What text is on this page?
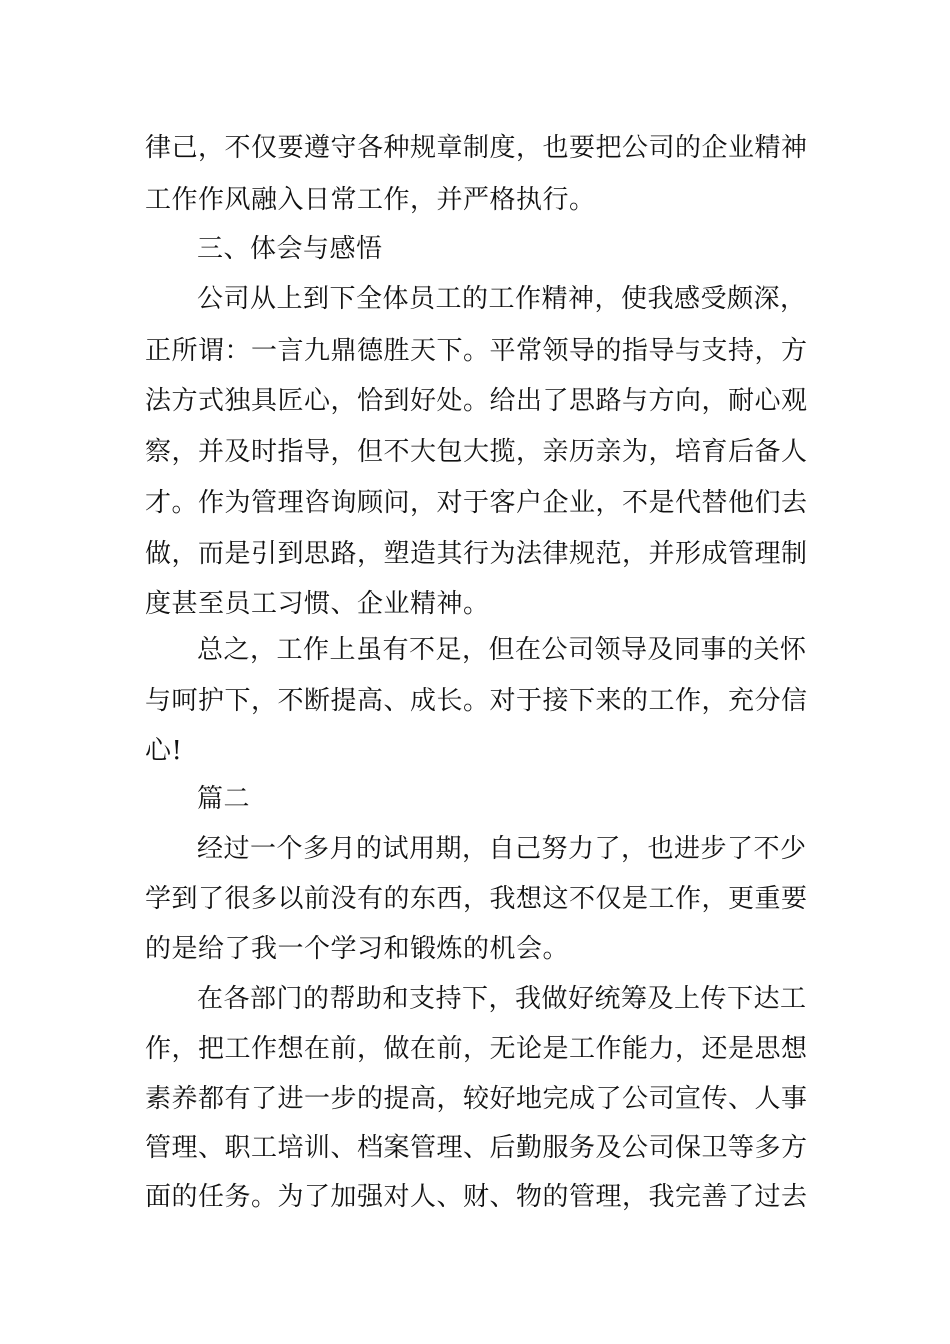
律己，不仅要遵守各种规章制度，也要把公司的企业精神

工作作风融入日常工作，并严格执行。

三、体会与感悟

公司从上到下全体员工的工作精神，使我感受颇深，

正所谓：一言九鼎德胜天下。平常领导的指导与支持，方

法方式独具匠心，恰到好处。给出了思路与方向，耐心观

察，并及时指导，但不大包大揽，亲历亲为，培育后备人

才。作为管理咨询顾问，对于客户企业，不是代替他们去

做，而是引到思路，塑造其行为法律规范，并形成管理制

度甚至员工习惯、企业精神。

总之，工作上虽有不足，但在公司领导及同事的关怀

与呵护下，不断提高、成长。对于接下来的工作，充分信

心!

篇二

经过一个多月的试用期，自己努力了，也进步了不少

学到了很多以前没有的东西，我想这不仅是工作，更重要

的是给了我一个学习和锻炼的机会。

在各部门的帮助和支持下，我做好统筹及上传下达工

作，把工作想在前，做在前，无论是工作能力，还是思想

素养都有了进一步的提高，较好地完成了公司宣传、人事

管理、职工培训、档案管理、后勤服务及公司保卫等多方

面的任务。为了加强对人、财、物的管理，我完善了过去
